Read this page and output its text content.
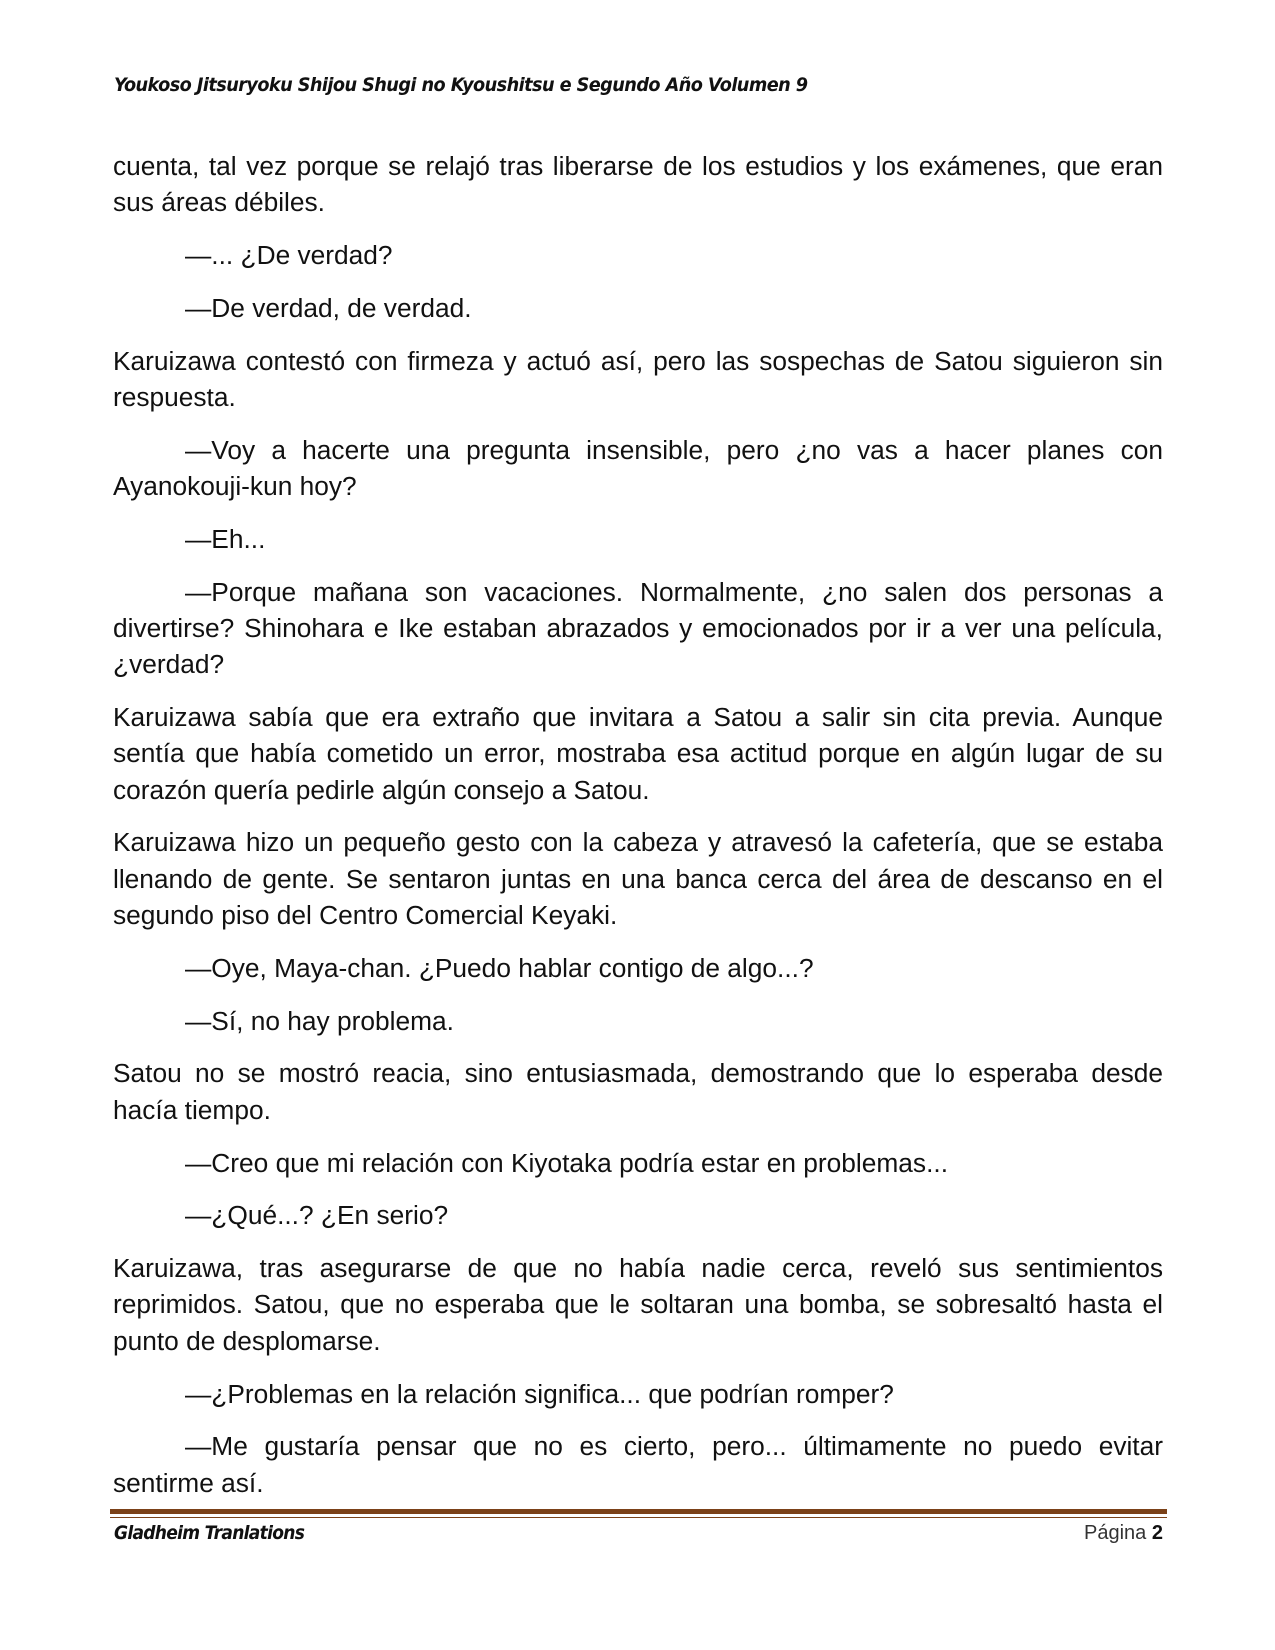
Youkoso Jitsuryoku Shijou Shugi no Kyoushitsu e Segundo Año Volumen 9

cuenta, tal vez porque se relajó tras liberarse de los estudios y los exámenes, que eran sus áreas débiles.

—... ¿De verdad?

—De verdad, de verdad.

Karuizawa contestó con firmeza y actuó así, pero las sospechas de Satou siguieron sin respuesta.

—Voy a hacerte una pregunta insensible, pero ¿no vas a hacer planes con Ayanokouji-kun hoy?

—Eh...

—Porque mañana son vacaciones. Normalmente, ¿no salen dos personas a divertirse? Shinohara e Ike estaban abrazados y emocionados por ir a ver una película, ¿verdad?

Karuizawa sabía que era extraño que invitara a Satou a salir sin cita previa. Aunque sentía que había cometido un error, mostraba esa actitud porque en algún lugar de su corazón quería pedirle algún consejo a Satou.

Karuizawa hizo un pequeño gesto con la cabeza y atravesó la cafetería, que se estaba llenando de gente. Se sentaron juntas en una banca cerca del área de descanso en el segundo piso del Centro Comercial Keyaki.

—Oye, Maya-chan. ¿Puedo hablar contigo de algo...?

—Sí, no hay problema.

Satou no se mostró reacia, sino entusiasmada, demostrando que lo esperaba desde hacía tiempo.

—Creo que mi relación con Kiyotaka podría estar en problemas...

—¿Qué...? ¿En serio?

Karuizawa, tras asegurarse de que no había nadie cerca, reveló sus sentimientos reprimidos. Satou, que no esperaba que le soltaran una bomba, se sobresaltó hasta el punto de desplomarse.

—¿Problemas en la relación significa... que podrían romper?

—Me gustaría pensar que no es cierto, pero... últimamente no puedo evitar sentirme así.

Gladheim Tranlations	Página 2
